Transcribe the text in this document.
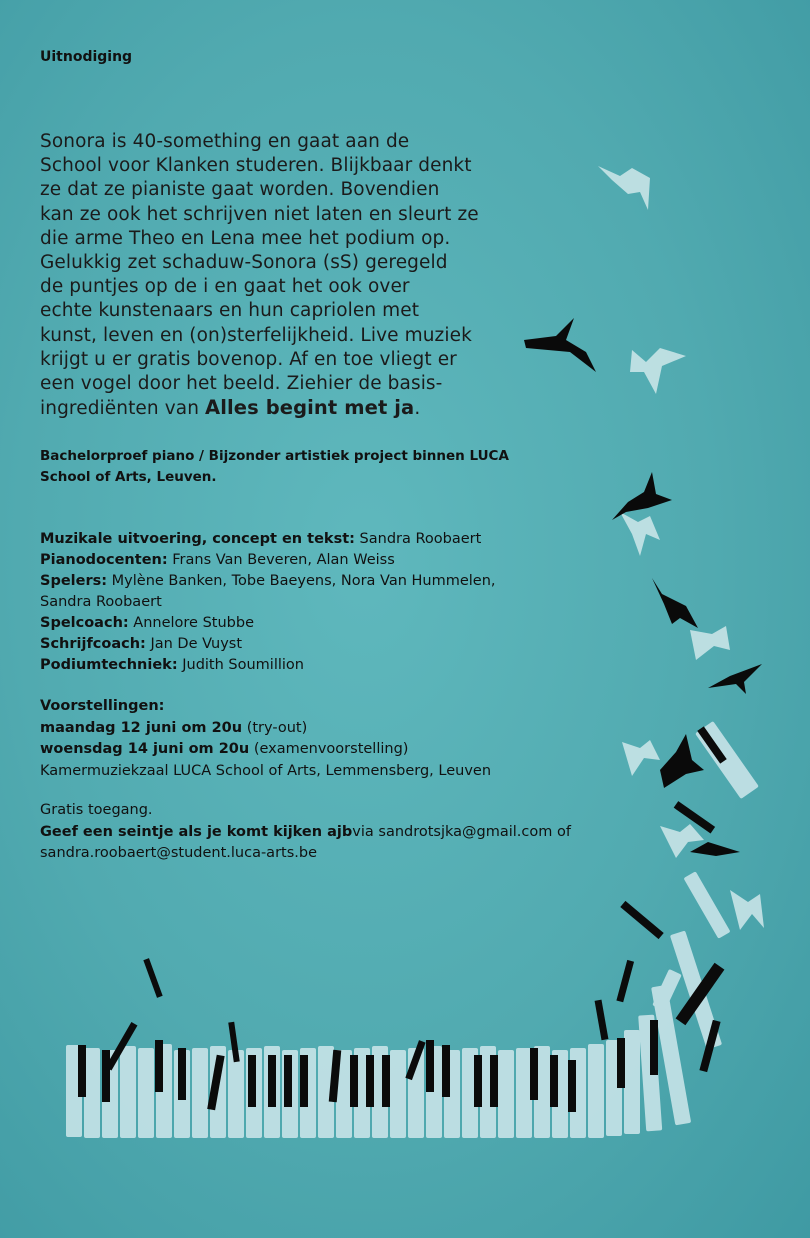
Uitnodiging
Sonora is 40-something en gaat aan de
School voor Klanken studeren. Blijkbaar denkt
ze dat ze pianiste gaat worden. Bovendien
kan ze ook het schrijven niet laten en sleurt ze
die arme Theo en Lena mee het podium op.
Gelukkig zet schaduw-Sonora (sS) geregeld
de puntjes op de i en gaat het ook over
echte kunstenaars en hun capriolen met
kunst, leven en (on)sterfelijkheid. Live muziek
krijgt u er gratis bovenop. Af en toe vliegt er
een vogel door het beeld. Ziehier de basis-
ingrediënten van Alles begint met ja.
Bachelorproef piano / Bijzonder artistiek project binnen LUCA
School of Arts, Leuven.
Muzikale uitvoering, concept en tekst: Sandra Roobaert
Pianodocenten: Frans Van Beveren, Alan Weiss
Spelers: Mylène Banken, Tobe Baeyens, Nora Van Hummelen,
Sandra Roobaert
Spelcoach: Annelore Stubbe
Schrijfcoach: Jan De Vuyst
Podiumtechniek: Judith Soumillion
Voorstellingen:
maandag 12 juni om 20u (try-out)
woensdag 14 juni om 20u (examenvoorstelling)
Kamermuziekzaal LUCA School of Arts, Lemmensberg, Leuven
Gratis toegang.
Geef een seintje als je komt kijken ajbvia sandrotsjka@gmail.com of
sandra.roobaert@student.luca-arts.be
